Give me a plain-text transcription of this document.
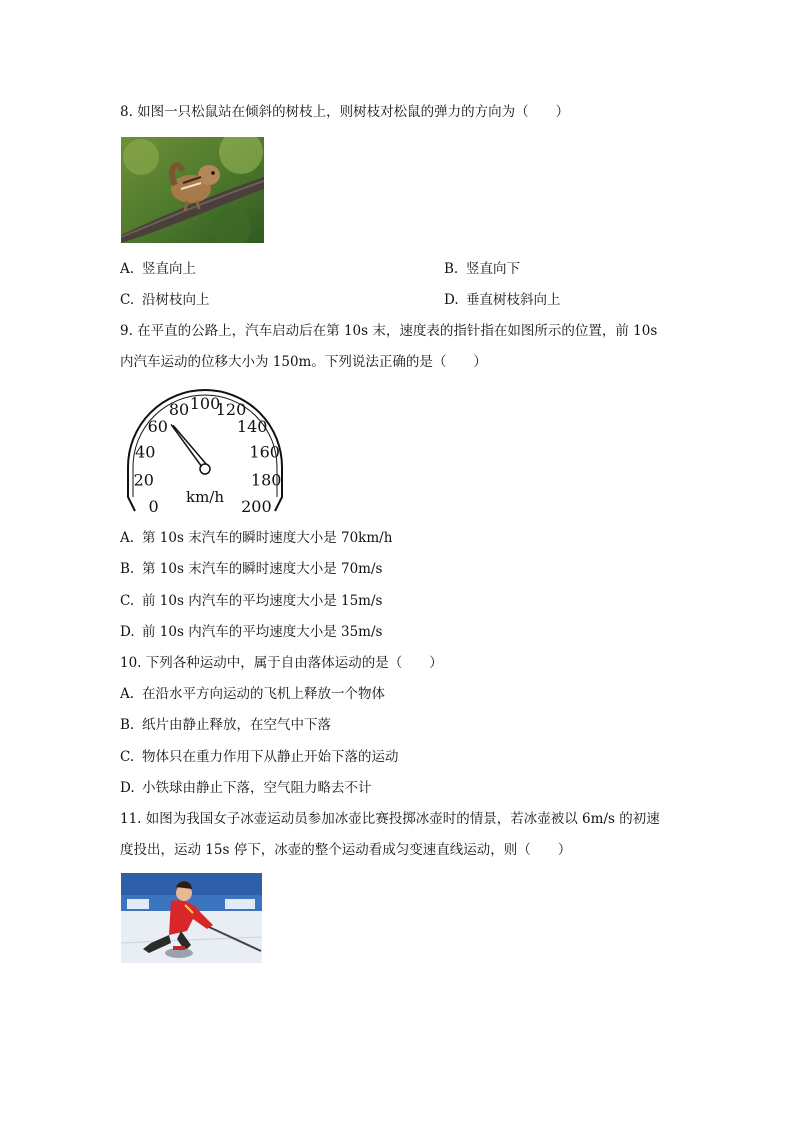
8. 如图一只松鼠站在倾斜的树枝上，则树枝对松鼠的弹力的方向为（　　）
A. 竖直向上	B. 竖直向下
C. 沿树枝向上	D. 垂直树枝斜向上
9. 在平直的公路上，汽车启动后在第 10s 末，速度表的指针指在如图所示的位置，前 10s
内汽车运动的位移大小为 150m。下列说法正确的是（　　）
0
20
40
60
80 100
120
140
160
180
200
km/h
A. 第 10s 末汽车的瞬时速度大小是 70km/h
B. 第 10s 末汽车的瞬时速度大小是 70m/s
C. 前 10s 内汽车的平均速度大小是 15m/s
D. 前 10s 内汽车的平均速度大小是 35m/s
10. 下列各种运动中，属于自由落体运动的是（　　）
A. 在沿水平方向运动的飞机上释放一个物体
B. 纸片由静止释放，在空气中下落
C. 物体只在重力作用下从静止开始下落的运动
D. 小铁球由静止下落，空气阻力略去不计
11. 如图为我国女子冰壶运动员参加冰壶比赛投掷冰壶时的情景，若冰壶被以 6m/s 的初速
度投出，运动 15s 停下，冰壶的整个运动看成匀变速直线运动，则（　　）
